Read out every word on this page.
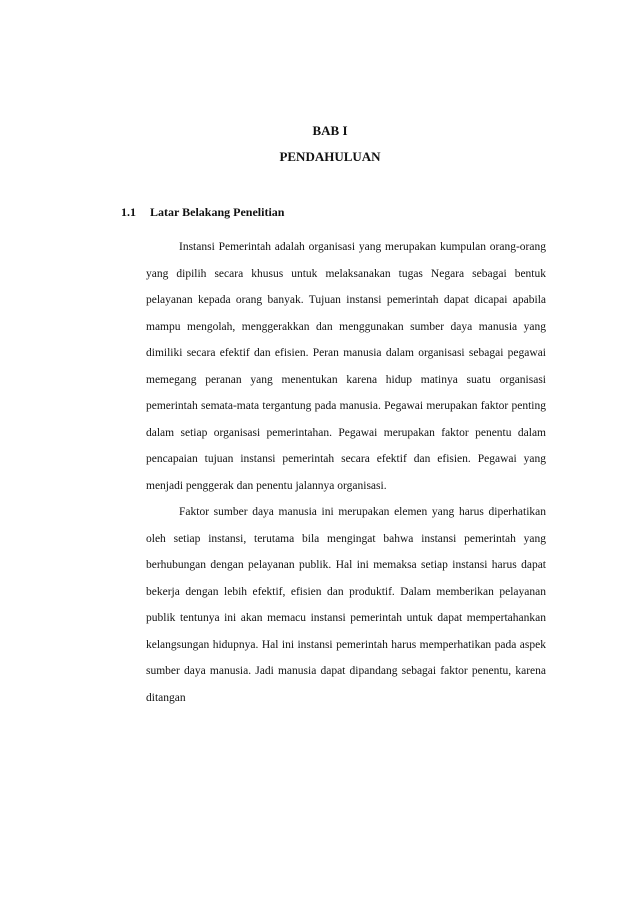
BAB I
PENDAHULUAN
1.1 Latar Belakang Penelitian

Instansi Pemerintah adalah organisasi yang merupakan kumpulan orang-orang yang dipilih secara khusus untuk melaksanakan tugas Negara sebagai bentuk pelayanan kepada orang banyak. Tujuan instansi pemerintah dapat dicapai apabila mampu mengolah, menggerakkan dan menggunakan sumber daya manusia yang dimiliki secara efektif dan efisien. Peran manusia dalam organisasi sebagai pegawai memegang peranan yang menentukan karena hidup matinya suatu organisasi pemerintah semata-mata tergantung pada manusia. Pegawai merupakan faktor penting dalam setiap organisasi pemerintahan. Pegawai merupakan faktor penentu dalam pencapaian tujuan instansi pemerintah secara efektif dan efisien. Pegawai yang menjadi penggerak dan penentu jalannya organisasi.

Faktor sumber daya manusia ini merupakan elemen yang harus diperhatikan oleh setiap instansi, terutama bila mengingat bahwa instansi pemerintah yang berhubungan dengan pelayanan publik. Hal ini memaksa setiap instansi harus dapat bekerja dengan lebih efektif, efisien dan produktif. Dalam memberikan pelayanan publik tentunya ini akan memacu instansi pemerintah untuk dapat mempertahankan kelangsungan hidupnya. Hal ini instansi pemerintah harus memperhatikan pada aspek sumber daya manusia. Jadi manusia dapat dipandang sebagai faktor penentu, karena ditangan
